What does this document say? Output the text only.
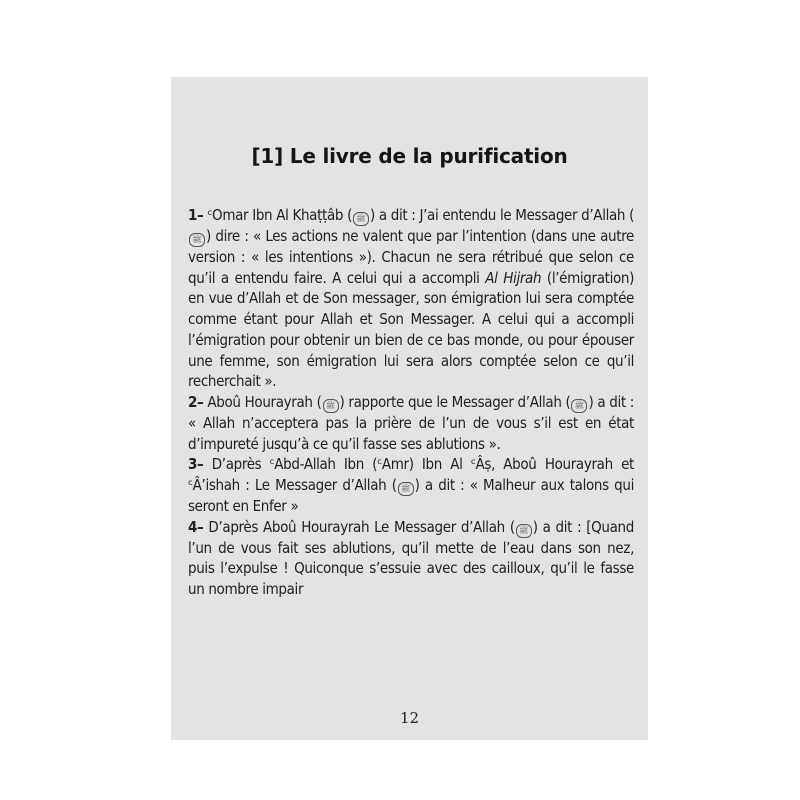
[1] Le livre de la purification

1– ᶜOmar Ibn Al Khaṭṭâb ( ﷺ ) a dit : J’ai entendu le Messager d’Allah (ﷺ ) dire : « Les actions ne valent que par l’intention (dans une autre version : « les intentions »). Chacun ne sera rétribué que selon ce qu’il a entendu faire. A celui qui a accompli Al Hijrah (l’émigration) en vue d’Allah et de Son messager, son émigration lui sera comptée comme étant pour Allah et Son Messager. A celui qui a accompli l’émigration pour obtenir un bien de ce bas monde, ou pour épouser une femme, son émigration lui sera alors comptée selon ce qu’il recherchait ».

2– Aboû Hourayrah ( ﷺ ) rapporte que le Messager d’Allah ( ﷺ ) a dit : « Allah n’acceptera pas la prière de l’un de vous s’il est en état d’impureté jusqu’à ce qu’il fasse ses ablutions ».

3– D’après ᶜAbd-Allah Ibn (ᶜAmr) Ibn Al ᶜÂṣ, Aboû Hourayrah et ᶜÂ’ishah : Le Messager d’Allah ( ﷺ ) a dit : « Malheur aux talons qui seront en Enfer »

4– D’après Aboû Hourayrah Le Messager d’Allah ( ﷺ ) a dit : [Quand l’un de vous fait ses ablutions, qu’il mette de l’eau dans son nez, puis l’expulse ! Quiconque s’essuie avec des cailloux, qu’il le fasse un nombre impair

12
